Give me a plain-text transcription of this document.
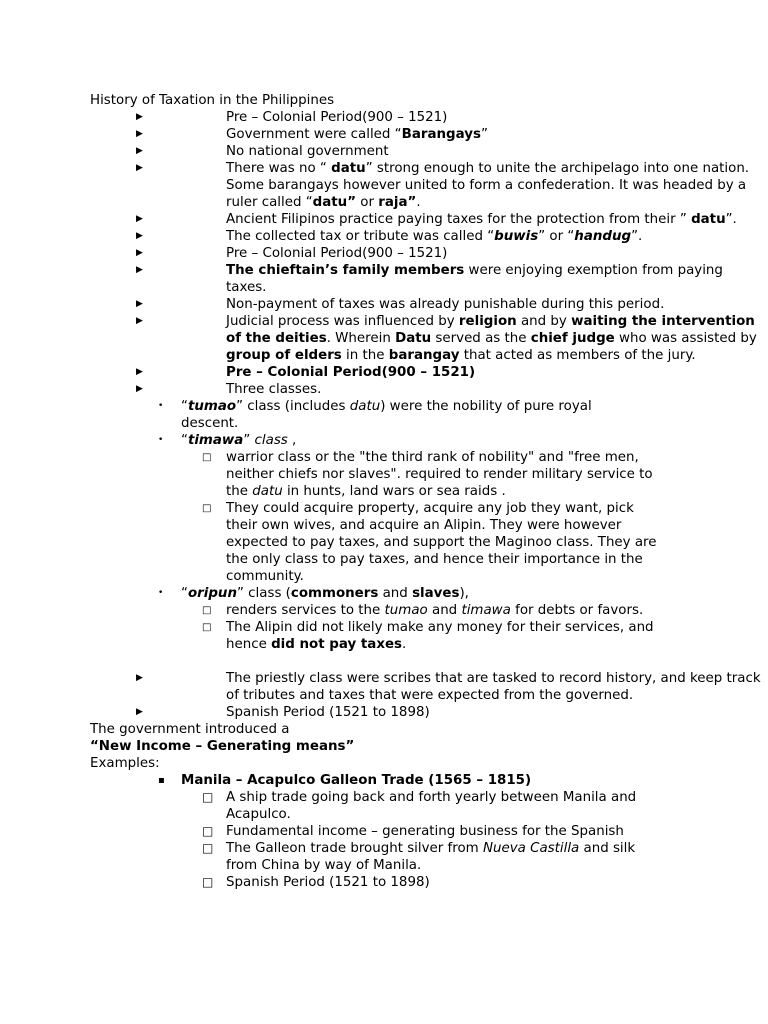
History of Taxation in the Philippines

▶	Pre – Colonial Period(900 – 1521)
▶	Government were called “Barangays”
▶	No national government
▶	There was no “ datu” strong enough to unite the archipelago into one nation. Some barangays however united to form a confederation. It was headed by a ruler called “datu” or raja”.
▶	Ancient Filipinos practice paying taxes for the protection from their ” datu”.
▶	The collected tax or tribute was called “buwis” or “handug”.
▶	Pre – Colonial Period(900 – 1521)
▶	The chieftain’s family members were enjoying exemption from paying taxes.
▶	Non-payment of taxes was already punishable during this period.
▶	Judicial process was influenced by religion and by waiting the intervention of the deities. Wherein Datu served as the chief judge who was assisted by group of elders in the barangay that acted as members of the jury.
▶	Pre – Colonial Period(900 – 1521)
▶	Three classes.
• “tumao” class (includes datu) were the nobility of pure royal descent.
• “timawa” class ,
□ warrior class or the "the third rank of nobility" and "free men, neither chiefs nor slaves". required to render military service to the datu in hunts, land wars or sea raids .
□ They could acquire property, acquire any job they want, pick their own wives, and acquire an Alipin. They were however expected to pay taxes, and support the Maginoo class. They are the only class to pay taxes, and hence their importance in the community.
• “oripun” class (commoners and slaves),
□ renders services to the tumao and timawa for debts or favors.
□ The Alipin did not likely make any money for their services, and hence did not pay taxes.
▶	The priestly class were scribes that are tasked to record history, and keep track of tributes and taxes that were expected from the governed.
▶	Spanish Period (1521 to 1898)

The government introduced a

“New Income – Generating means”

Examples:

▪ Manila – Acapulco Galleon Trade (1565 – 1815)
□ A ship trade going back and forth yearly between Manila and Acapulco.
□ Fundamental income – generating business for the Spanish
□ The Galleon trade brought silver from Nueva Castilla and silk from China by way of Manila.
□ Spanish Period (1521 to 1898)
